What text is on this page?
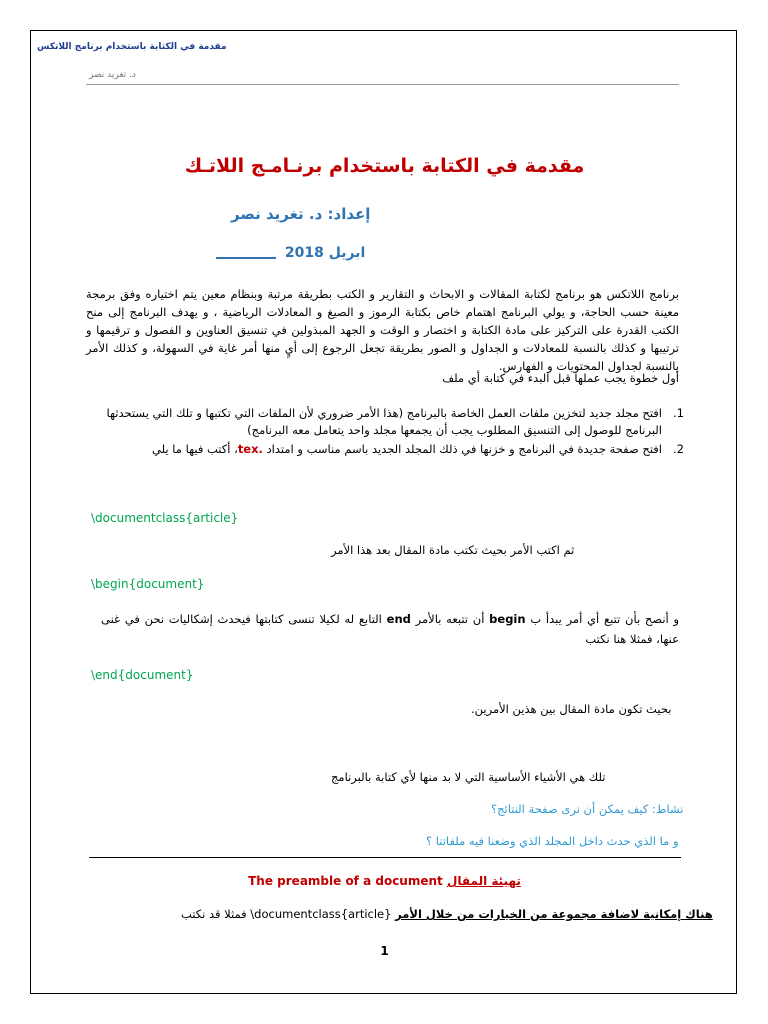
مقدمة في الكتابة باستخدام برنامج اللاتكس
د. تغريد نصر
مقدمة في الكتابة باستخدام برنـامـج اللاتـك
إعداد: د. تغريد نصر
ابريل 2018
برنامج اللاتكس هو برنامج لكتابة المقالات و الابحاث و التقارير و الكتب بطريقة مرتبة وبنظام معين يتم اختياره وفق برمجة معينة حسب الحاجة، و يولي البرنامج اهتمام خاص بكتابة الرموز و الصيغ و المعادلات الرياضية ، و يهدف البرنامج إلى منح الكتب القدرة على التركيز على مادة الكتابة و اختصار و الوقت و الجهد المبذولين في تنسيق العناوين و الفصول و ترقيمها و ترتيبها و كذلك بالنسبة للمعادلات و الجداول و الصور بطريقة تجعل الرجوع إلى أيٍ منها أمر غاية في السهولة، و كذلك الأمر بالنسبة لجداول المحتويات و الفهارس.
أول خطوة يجب عملها قبل البدء في كتابة أي ملف
1.
افتح مجلد جديد لتخزين ملفات العمل الخاصة بالبرنامج (هذا الأمر ضروري لأن الملفات التي تكتبها و تلك التي يستحدثها البرنامج للوصول إلى التنسيق المطلوب يجب أن يجمعها مجلد واحد يتعامل معه البرنامج)
2.
افتح صفحة جديدة في البرنامج و خزنها في ذلك المجلد الجديد باسم مناسب و امتداد .tex، أكتب فيها ما يلي
\documentclass{article}
ثم اكتب الأمر بحيث تكتب مادة المقال بعد هذا الأمر
\begin{document}
و أنصح بأن تتبع أي أمر يبدأ ب begin أن تتبعه بالأمر end التابع له لكيلا تنسى كتابتها فيحدث إشكاليات نحن في غنى عنها، فمثلا هنا نكتب
\end{document}
بحيث تكون مادة المقال بين هذين الأمرين.
تلك هي الأشياء الأساسية التي لا بد منها لأي كتابة بالبرنامج
نشاط: كيف يمكن أن نرى صفحة النتائج؟
و ما الذي حدث داخل المجلد الذي وضعنا فيه ملفاتنا ؟
The preamble of a document تهيئة المقال
هناك إمكانية لاضافة مجموعة من الخيارات من خلال الأمر \documentclass{article} فمثلا قد نكتب
1
